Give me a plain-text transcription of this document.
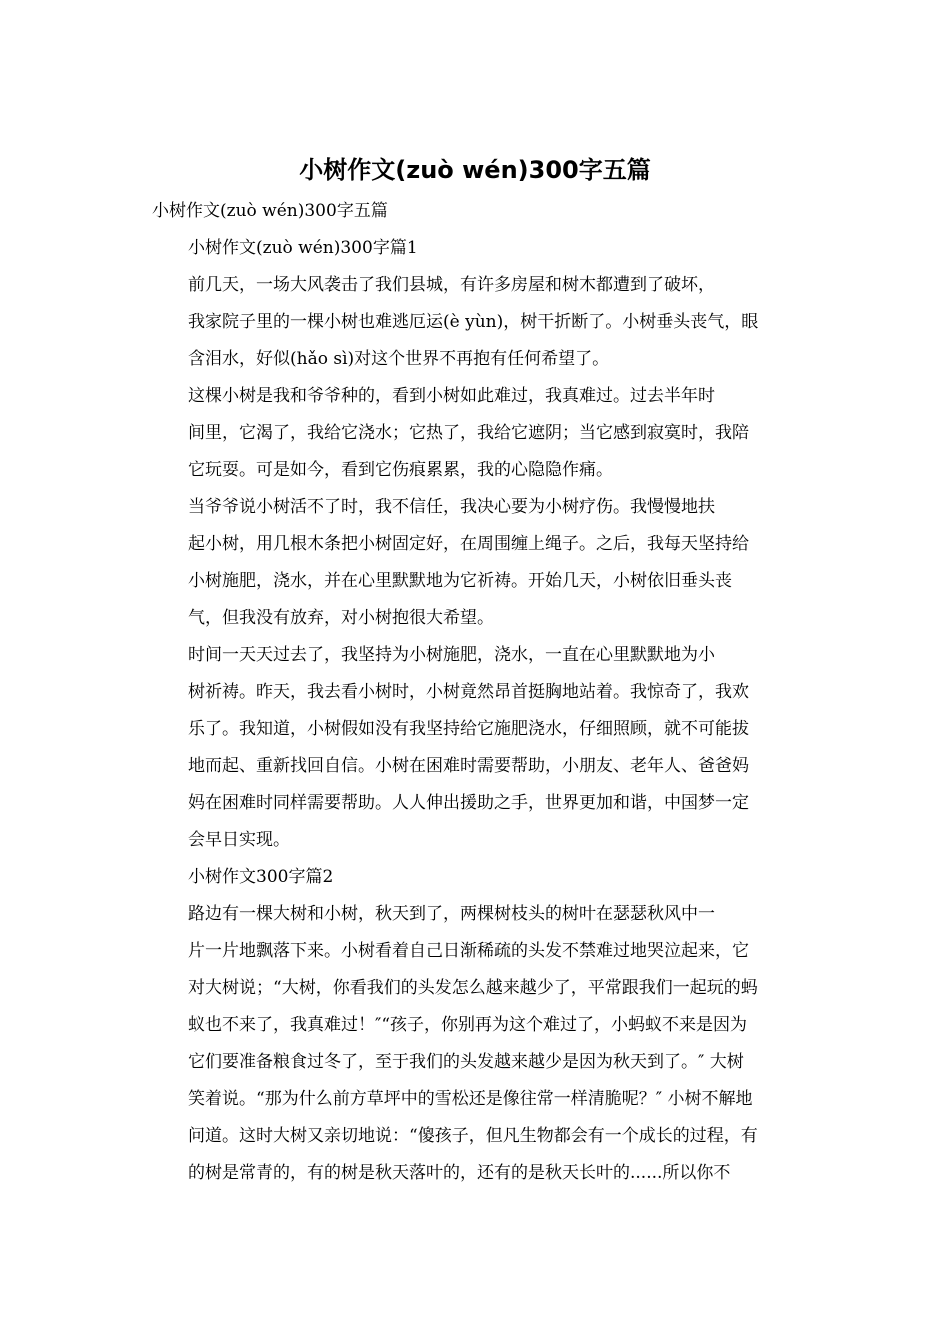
小树作文(zuò wén)300字五篇

小树作文(zuò wén)300字五篇

小树作文(zuò wén)300字篇1

前几天，一场大风袭击了我们县城，有许多房屋和树木都遭到了破坏，
我家院子里的一棵小树也难逃厄运(è yùn)，树干折断了。小树垂头丧气，眼
含泪水，好似(hǎo sì)对这个世界不再抱有任何希望了。

这棵小树是我和爷爷种的，看到小树如此难过，我真难过。过去半年时
间里，它渴了，我给它浇水；它热了，我给它遮阴；当它感到寂寞时，我陪
它玩耍。可是如今，看到它伤痕累累，我的心隐隐作痛。

当爷爷说小树活不了时，我不信任，我决心要为小树疗伤。我慢慢地扶
起小树，用几根木条把小树固定好，在周围缠上绳子。之后，我每天坚持给
小树施肥，浇水，并在心里默默地为它祈祷。开始几天，小树依旧垂头丧
气，但我没有放弃，对小树抱很大希望。

时间一天天过去了，我坚持为小树施肥，浇水，一直在心里默默地为小
树祈祷。昨天，我去看小树时，小树竟然昂首挺胸地站着。我惊奇了，我欢
乐了。我知道，小树假如没有我坚持给它施肥浇水，仔细照顾，就不可能拔
地而起、重新找回自信。小树在困难时需要帮助，小朋友、老年人、爸爸妈
妈在困难时同样需要帮助。人人伸出援助之手，世界更加和谐，中国梦一定
会早日实现。

小树作文300字篇2

路边有一棵大树和小树，秋天到了，两棵树枝头的树叶在瑟瑟秋风中一
片一片地飘落下来。小树看着自己日渐稀疏的头发不禁难过地哭泣起来，它
对大树说；“大树，你看我们的头发怎么越来越少了，平常跟我们一起玩的蚂
蚁也不来了，我真难过！″“孩子，你别再为这个难过了，小蚂蚁不来是因为
它们要准备粮食过冬了，至于我们的头发越来越少是因为秋天到了。″ 大树
笑着说。“那为什么前方草坪中的雪松还是像往常一样清脆呢？″ 小树不解地
问道。这时大树又亲切地说：“傻孩子，但凡生物都会有一个成长的过程，有
的树是常青的，有的树是秋天落叶的，还有的是秋天长叶的......所以你不
